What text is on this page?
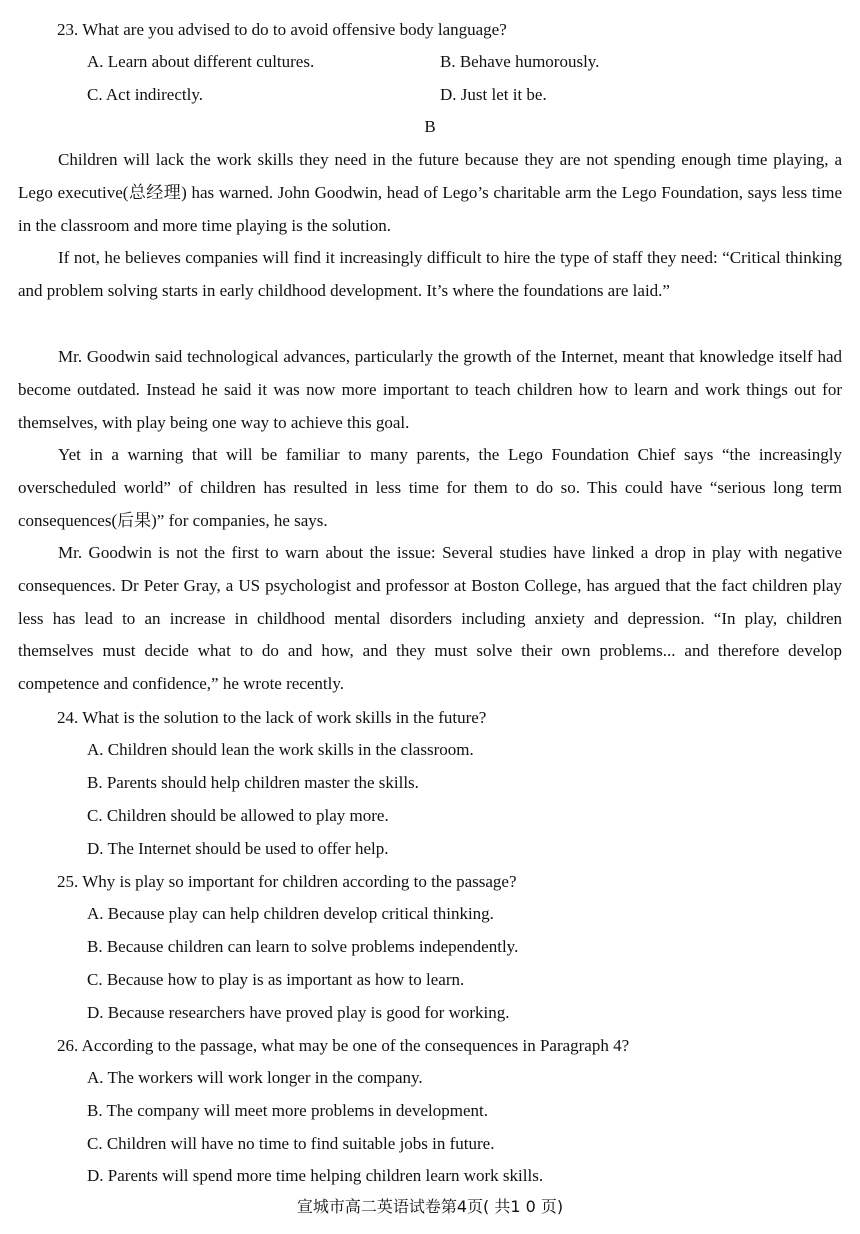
23. What are you advised to do to avoid offensive body language?
A. Learn about different cultures.	B. Behave humorously.
C. Act indirectly.	D. Just let it be.
B
Children will lack the work skills they need in the future because they are not spending enough time playing, a Lego executive(总经理) has warned. John Goodwin, head of Lego’s charitable arm the Lego Foundation, says less time in the classroom and more time playing is the solution.
If not, he believes companies will find it increasingly difficult to hire the type of staff they need: “Critical thinking and problem solving starts in early childhood development. It’s where the foundations are laid.”
Mr. Goodwin said technological advances, particularly the growth of the Internet, meant that knowledge itself had become outdated. Instead he said it was now more important to teach children how to learn and work things out for themselves, with play being one way to achieve this goal.
Yet in a warning that will be familiar to many parents, the Lego Foundation Chief says “the increasingly overscheduled world” of children has resulted in less time for them to do so. This could have “serious long term consequences(后果)” for companies, he says.
Mr. Goodwin is not the first to warn about the issue: Several studies have linked a drop in play with negative consequences. Dr Peter Gray, a US psychologist and professor at Boston College, has argued that the fact children play less has lead to an increase in childhood mental disorders including anxiety and depression. “In play, children themselves must decide what to do and how, and they must solve their own problems... and therefore develop competence and confidence,” he wrote recently.
24. What is the solution to the lack of work skills in the future?
A. Children should lean the work skills in the classroom.
B. Parents should help children master the skills.
C. Children should be allowed to play more.
D. The Internet should be used to offer help.
25. Why is play so important for children according to the passage?
A. Because play can help children develop critical thinking.
B. Because children can learn to solve problems independently.
C. Because how to play is as important as how to learn.
D. Because researchers have proved play is good for working.
26. According to the passage, what may be one of the consequences in Paragraph 4?
A. The workers will work longer in the company.
B. The company will meet more problems in development.
C. Children will have no time to find suitable jobs in future.
D. Parents will spend more time helping children learn work skills.
宣城市高二英语试卷第4页( 共1 0 页)
